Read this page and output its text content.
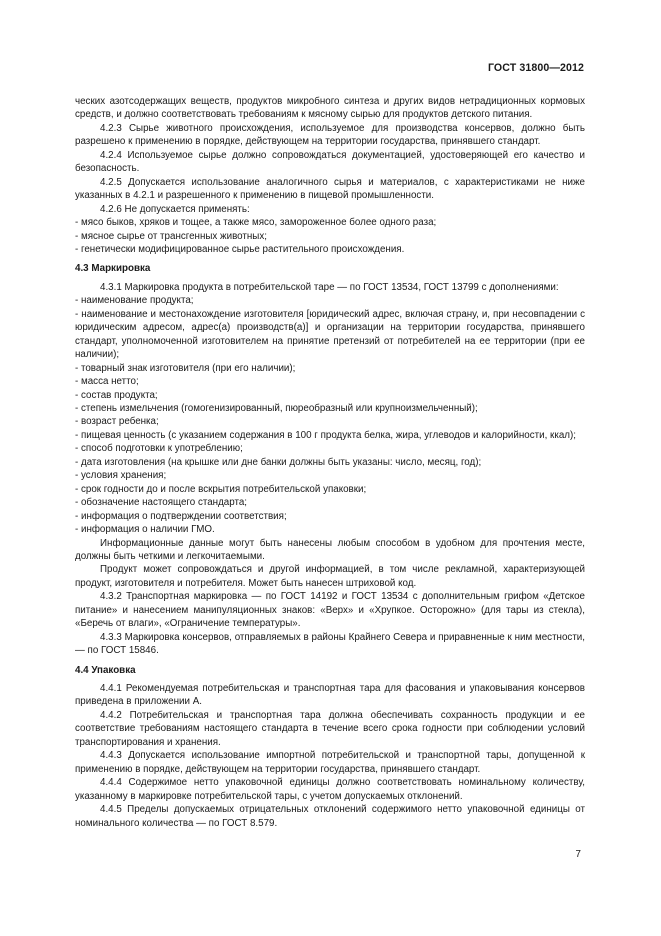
ГОСТ 31800—2012

ческих азотсодержащих веществ, продуктов микробного синтеза и других видов нетрадиционных кормовых средств, и должно соответствовать требованиям к мясному сырью для продуктов детского питания.

4.2.3 Сырье животного происхождения, используемое для производства консервов, должно быть разрешено к применению в порядке, действующем на территории государства, принявшего стандарт.

4.2.4 Используемое сырье должно сопровождаться документацией, удостоверяющей его качество и безопасность.

4.2.5 Допускается использование аналогичного сырья и материалов, с характеристиками не ниже указанных в 4.2.1 и разрешенного к применению в пищевой промышленности.

4.2.6 Не допускается применять:

- мясо быков, хряков и тощее, а также мясо, замороженное более одного раза;

- мясное сырье от трансгенных животных;

- генетически модифицированное сырье растительного происхождения.

4.3 Маркировка

4.3.1 Маркировка продукта в потребительской таре — по ГОСТ 13534, ГОСТ 13799 с дополнениями:

- наименование продукта;

- наименование и местонахождение изготовителя [юридический адрес, включая страну, и, при несовпадении с юридическим адресом, адрес(а) производств(а)] и организации на территории государства, принявшего стандарт, уполномоченной изготовителем на принятие претензий от потребителей на ее территории (при ее наличии);

- товарный знак изготовителя (при его наличии);

- масса нетто;

- состав продукта;

- степень измельчения (гомогенизированный, пюреобразный или крупноизмельченный);

- возраст ребенка;

- пищевая ценность (с указанием содержания в 100 г продукта белка, жира, углеводов и калорийности, ккал);

- способ подготовки к употреблению;

- дата изготовления (на крышке или дне банки должны быть указаны: число, месяц, год);

- условия хранения;

- срок годности до и после вскрытия потребительской упаковки;

- обозначение настоящего стандарта;

- информация о подтверждении соответствия;

- информация о наличии ГМО.

Информационные данные могут быть нанесены любым способом в удобном для прочтения месте, должны быть четкими и легкочитаемыми.

Продукт может сопровождаться и другой информацией, в том числе рекламной, характеризующей продукт, изготовителя и потребителя. Может быть нанесен штриховой код.

4.3.2 Транспортная маркировка — по ГОСТ 14192 и ГОСТ 13534 с дополнительным грифом «Детское питание» и нанесением манипуляционных знаков: «Верх» и «Хрупкое. Осторожно» (для тары из стекла), «Беречь от влаги», «Ограничение температуры».

4.3.3 Маркировка консервов, отправляемых в районы Крайнего Севера и приравненные к ним местности, — по ГОСТ 15846.

4.4 Упаковка

4.4.1 Рекомендуемая потребительская и транспортная тара для фасования и упаковывания консервов приведена в приложении А.

4.4.2 Потребительская и транспортная тара должна обеспечивать сохранность продукции и ее соответствие требованиям настоящего стандарта в течение всего срока годности при соблюдении условий транспортирования и хранения.

4.4.3 Допускается использование импортной потребительской и транспортной тары, допущенной к применению в порядке, действующем на территории государства, принявшего стандарт.

4.4.4 Содержимое нетто упаковочной единицы должно соответствовать номинальному количеству, указанному в маркировке потребительской тары, с учетом допускаемых отклонений.

4.4.5 Пределы допускаемых отрицательных отклонений содержимого нетто упаковочной единицы от номинального количества — по ГОСТ 8.579.

7
